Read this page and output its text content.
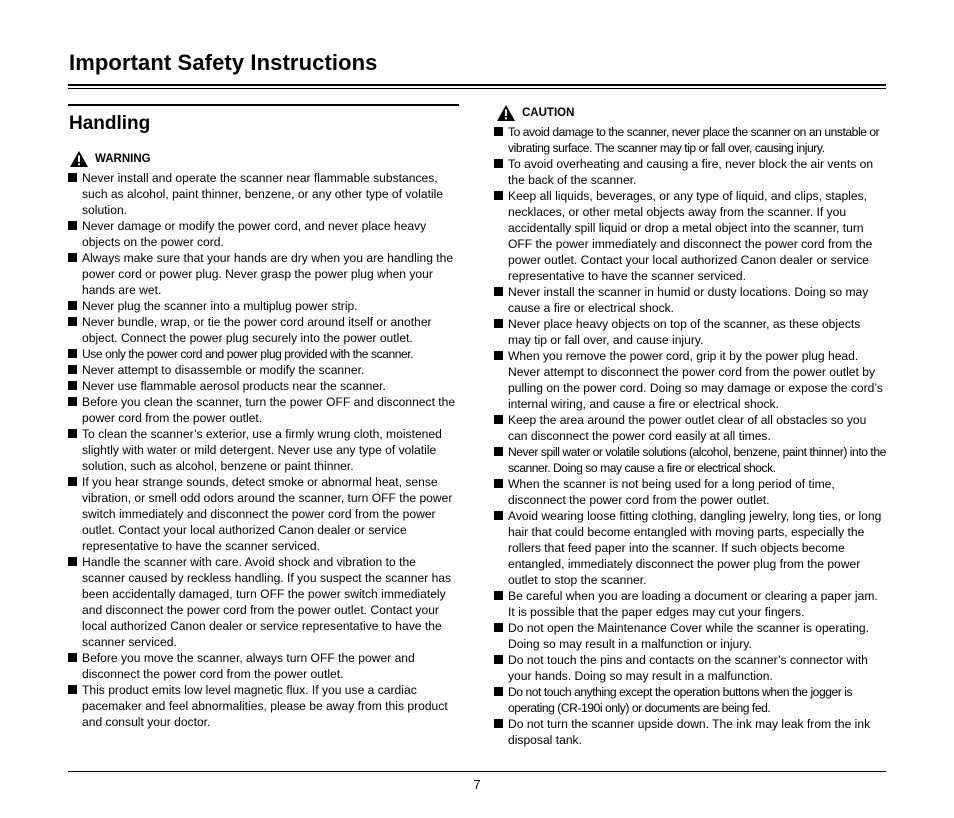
Important Safety Instructions
Handling
WARNING
Never install and operate the scanner near flammable substances, such as alcohol, paint thinner, benzene, or any other type of volatile solution.
Never damage or modify the power cord, and never place heavy objects on the power cord.
Always make sure that your hands are dry when you are handling the power cord or power plug. Never grasp the power plug when your hands are wet.
Never plug the scanner into a multiplug power strip.
Never bundle, wrap, or tie the power cord around itself or another object. Connect the power plug securely into the power outlet.
Use only the power cord and power plug provided with the scanner.
Never attempt to disassemble or modify the scanner.
Never use flammable aerosol products near the scanner.
Before you clean the scanner, turn the power OFF and disconnect the power cord from the power outlet.
To clean the scanner’s exterior, use a firmly wrung cloth, moistened slightly with water or mild detergent. Never use any type of volatile solution, such as alcohol, benzene or paint thinner.
If you hear strange sounds, detect smoke or abnormal heat, sense vibration, or smell odd odors around the scanner, turn OFF the power switch immediately and disconnect the power cord from the power outlet. Contact your local authorized Canon dealer or service representative to have the scanner serviced.
Handle the scanner with care. Avoid shock and vibration to the scanner caused by reckless handling. If you suspect the scanner has been accidentally damaged, turn OFF the power switch immediately and disconnect the power cord from the power outlet. Contact your local authorized Canon dealer or service representative to have the scanner serviced.
Before you move the scanner, always turn OFF the power and disconnect the power cord from the power outlet.
This product emits low level magnetic flux. If you use a cardiac pacemaker and feel abnormalities, please be away from this product and consult your doctor.
CAUTION
To avoid damage to the scanner, never place the scanner on an unstable or vibrating surface. The scanner may tip or fall over, causing injury.
To avoid overheating and causing a fire, never block the air vents on the back of the scanner.
Keep all liquids, beverages, or any type of liquid, and clips, staples, necklaces, or other metal objects away from the scanner. If you accidentally spill liquid or drop a metal object into the scanner, turn OFF the power immediately and disconnect the power cord from the power outlet. Contact your local authorized Canon dealer or service representative to have the scanner serviced.
Never install the scanner in humid or dusty locations. Doing so may cause a fire or electrical shock.
Never place heavy objects on top of the scanner, as these objects may tip or fall over, and cause injury.
When you remove the power cord, grip it by the power plug head. Never attempt to disconnect the power cord from the power outlet by pulling on the power cord. Doing so may damage or expose the cord’s internal wiring, and cause a fire or electrical shock.
Keep the area around the power outlet clear of all obstacles so you can disconnect the power cord easily at all times.
Never spill water or volatile solutions (alcohol, benzene, paint thinner) into the scanner. Doing so may cause a fire or electrical shock.
When the scanner is not being used for a long period of time, disconnect the power cord from the power outlet.
Avoid wearing loose fitting clothing, dangling jewelry, long ties, or long hair that could become entangled with moving parts, especially the rollers that feed paper into the scanner. If such objects become entangled, immediately disconnect the power plug from the power outlet to stop the scanner.
Be careful when you are loading a document or clearing a paper jam. It is possible that the paper edges may cut your fingers.
Do not open the Maintenance Cover while the scanner is operating. Doing so may result in a malfunction or injury.
Do not touch the pins and contacts on the scanner’s connector with your hands. Doing so may result in a malfunction.
Do not touch anything except the operation buttons when the jogger is operating (CR-190i only) or documents are being fed.
Do not turn the scanner upside down. The ink may leak from the ink disposal tank.
7
